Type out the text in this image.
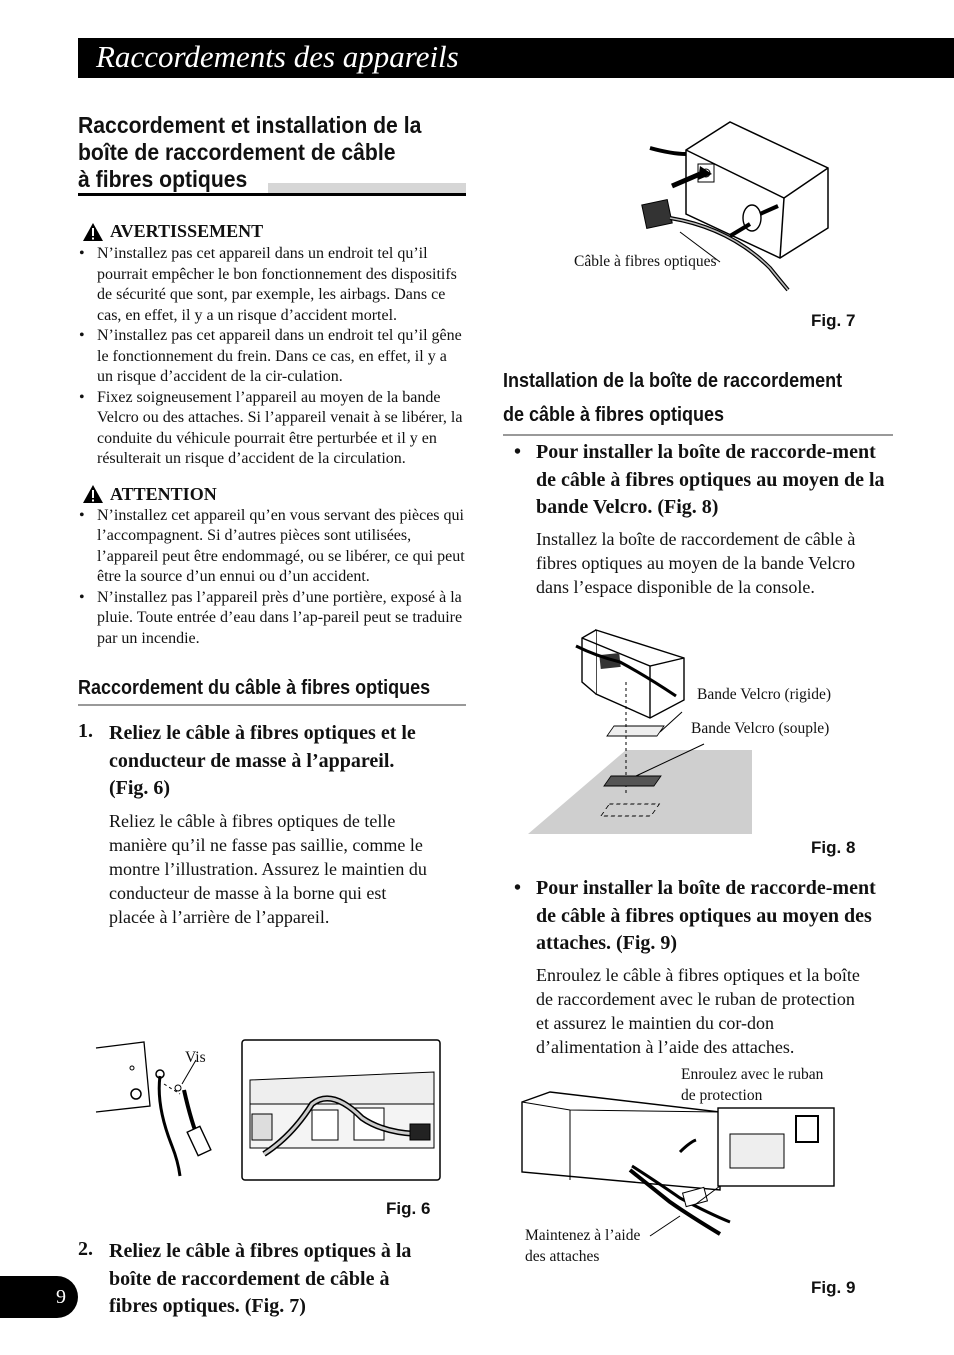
Raccordements des appareils
Raccordement et installation de la
boîte de raccordement de câble
à fibres optiques
AVERTISSEMENT
• N’installez pas cet appareil dans un endroit tel qu’il pourrait empêcher le bon fonctionnement des dispositifs de sécurité que sont, par exemple, les airbags. Dans ce cas, en effet, il y a un risque d’accident mortel.
• N’installez pas cet appareil dans un endroit tel qu’il gêne le fonctionnement du frein. Dans ce cas, en effet, il y a un risque d’accident de la cir-culation.
• Fixez soigneusement l’appareil au moyen de la bande Velcro ou des attaches. Si l’appareil venait à se libérer, la conduite du véhicule pourrait être perturbée et il y en résulterait un risque d’accident de la circulation.
ATTENTION
• N’installez cet appareil qu’en vous servant des pièces qui l’accompagnent. Si d’autres pièces sont utilisées, l’appareil peut être endommagé, ou se libérer, ce qui peut être la source d’un ennui ou d’un accident.
• N’installez pas l’appareil près d’une portière, exposé à la pluie. Toute entrée d’eau dans l’ap-pareil peut se traduire par un incendie.
Raccordement du câble à fibres optiques
1. Reliez le câble à fibres optiques et le conducteur de masse à l’appareil. (Fig. 6)
Reliez le câble à fibres optiques de telle manière qu’il ne fasse pas saillie, comme le montre l’illustration. Assurez le maintien du conducteur de masse à la borne qui est placée à l’arrière de l’appareil.
Vis
Fig. 6
2. Reliez le câble à fibres optiques à la boîte de raccordement de câble à fibres optiques. (Fig. 7)
Câble à fibres optiques
Fig. 7
Installation de la boîte de raccordement
de câble à fibres optiques
• Pour installer la boîte de raccorde-ment de câble à fibres optiques au moyen de la bande Velcro. (Fig. 8)
Installez la boîte de raccordement de câble à fibres optiques au moyen de la bande Velcro dans l’espace disponible de la console.
Bande Velcro (rigide)
Bande Velcro (souple)
Fig. 8
• Pour installer la boîte de raccorde-ment de câble à fibres optiques au moyen des attaches. (Fig. 9)
Enroulez le câble à fibres optiques et la boîte de raccordement avec le ruban de protection et assurez le maintien du cor-don d’alimentation à l’aide des attaches.
Enroulez avec le ruban
de protection
Maintenez à l’aide
des attaches
Fig. 9
9
